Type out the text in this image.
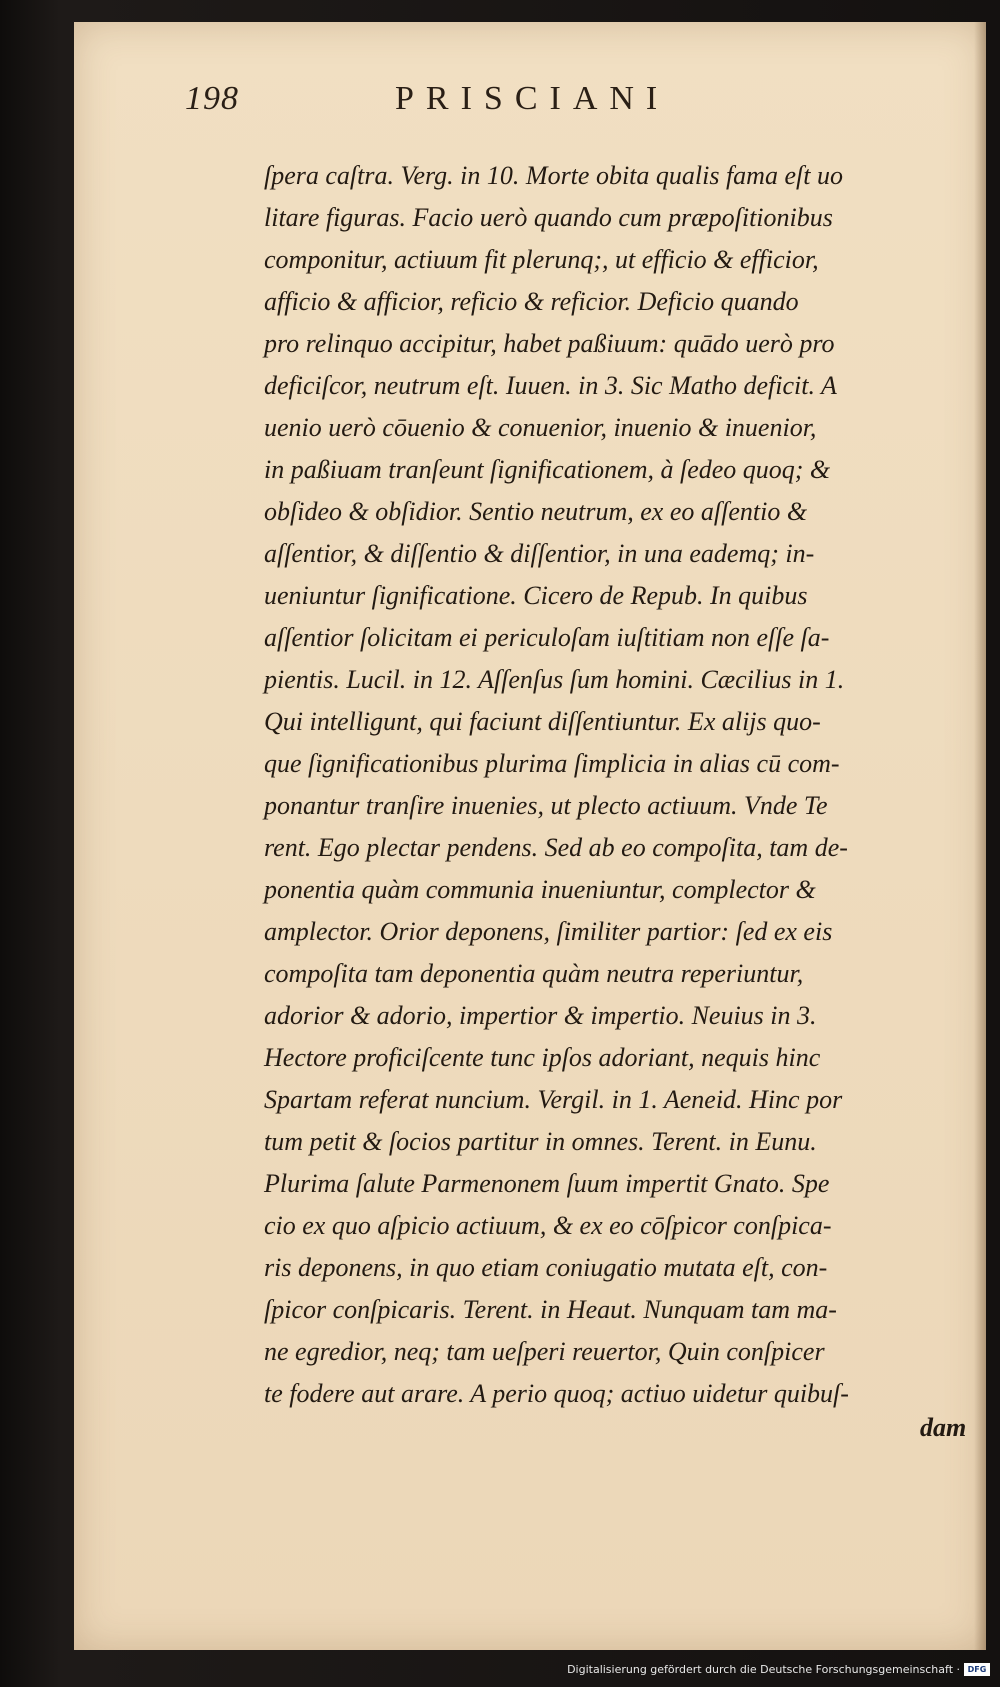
198	PRISCIANI
ſpera caſtra. Verg. in 10. Morte obita qualis fama eſt uo
litare figuras. Facio uerò quando cum præpoſitionibus
componitur, actiuum fit plerunq;, ut efficio & efficior,
afficio & afficior, reficio & reficior. Deficio quando
pro relinquo accipitur, habet paßiuum: quādo uerò pro
deficiſcor, neutrum eſt. Iuuen. in 3. Sic Matho deficit. A
uenio uerò cōuenio & conuenior, inuenio & inuenior,
in paßiuam tranſeunt ſignificationem, à ſedeo quoq; &
obſideo & obſidior. Sentio neutrum, ex eo aſſentio &
aſſentior, & diſſentio & diſſentior, in una eademq; in-
ueniuntur ſignificatione. Cicero de Repub. In quibus
aſſentior ſolicitam ei periculoſam iuſtitiam non eſſe ſa-
pientis. Lucil. in 12. Aſſenſus ſum homini. Cæcilius in 1.
Qui intelligunt, qui faciunt diſſentiuntur. Ex alijs quo-
que ſignificationibus plurima ſimplicia in alias cū com-
ponantur tranſire inuenies, ut plecto actiuum. Vnde Te
rent. Ego plectar pendens. Sed ab eo compoſita, tam de-
ponentia quàm communia inueniuntur, complector &
amplector. Orior deponens, ſimiliter partior: ſed ex eis
compoſita tam deponentia quàm neutra reperiuntur,
adorior & adorio, impertior & impertio. Neuius in 3.
Hectore proficiſcente tunc ipſos adoriant, nequis hinc
Spartam referat nuncium. Vergil. in 1. Aeneid. Hinc por
tum petit & ſocios partitur in omnes. Terent. in Eunu.
Plurima ſalute Parmenonem ſuum impertit Gnato. Spe
cio ex quo aſpicio actiuum, & ex eo cōſpicor conſpica-
ris deponens, in quo etiam coniugatio mutata eſt, con-
ſpicor conſpicaris. Terent. in Heaut. Nunquam tam ma-
ne egredior, neq; tam ueſperi reuertor, Quin conſpicer
te fodere aut arare. A perio quoq; actiuo uidetur quibuſ-
dam
Digitalisierung gefördert durch die Deutsche Forschungsgemeinschaft · DFG
